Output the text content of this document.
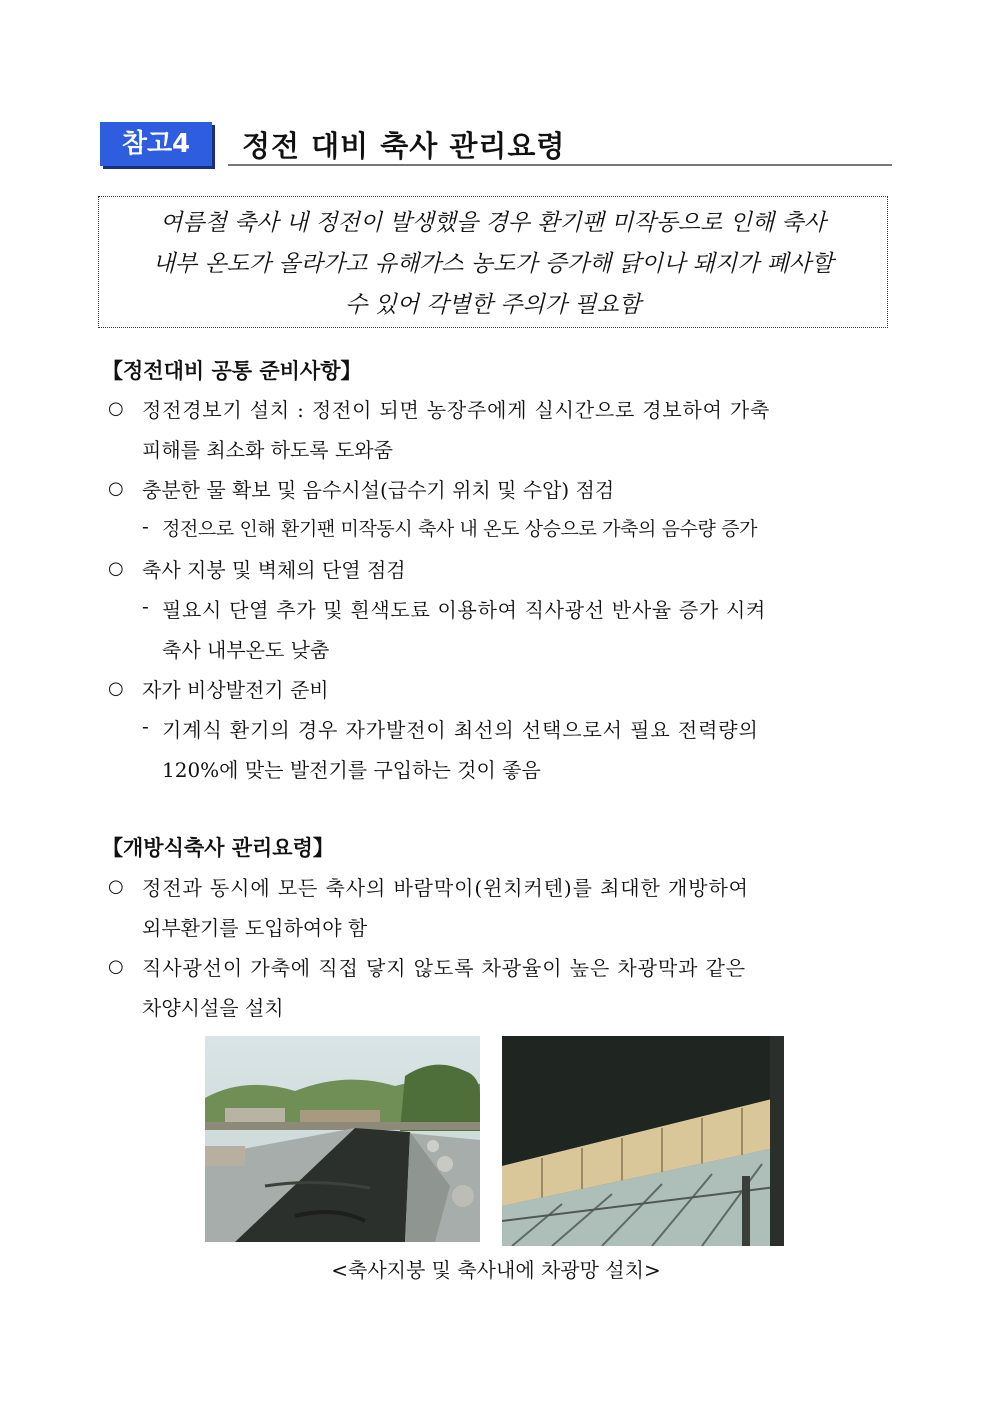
참고4	정전 대비 축사 관리요령
여름철 축사 내 정전이 발생했을 경우 환기팬 미작동으로 인해 축사
내부 온도가 올라가고 유해가스 농도가 증가해 닭이나 돼지가 폐사할
수 있어 각별한 주의가 필요함
【정전대비 공통 준비사항】
○ 정전경보기 설치 : 정전이 되면 농장주에게 실시간으로 경보하여 가축
피해를 최소화 하도록 도와줌
○ 충분한 물 확보 및 음수시설(급수기 위치 및 수압) 점검
- 정전으로 인해 환기팬 미작동시 축사 내 온도 상승으로 가축의 음수량 증가
○ 축사 지붕 및 벽체의 단열 점검
- 필요시 단열 추가 및 흰색도료 이용하여 직사광선 반사율 증가 시켜
축사 내부온도 낮춤
○ 자가 비상발전기 준비
- 기계식 환기의 경우 자가발전이 최선의 선택으로서 필요 전력량의
120%에 맞는 발전기를 구입하는 것이 좋음
【개방식축사 관리요령】
○ 정전과 동시에 모든 축사의 바람막이(윈치커텐)를 최대한 개방하여
외부환기를 도입하여야 함
○ 직사광선이 가축에 직접 닿지 않도록 차광율이 높은 차광막과 같은
차양시설을 설치
<축사지붕 및 축사내에 차광망 설치>
